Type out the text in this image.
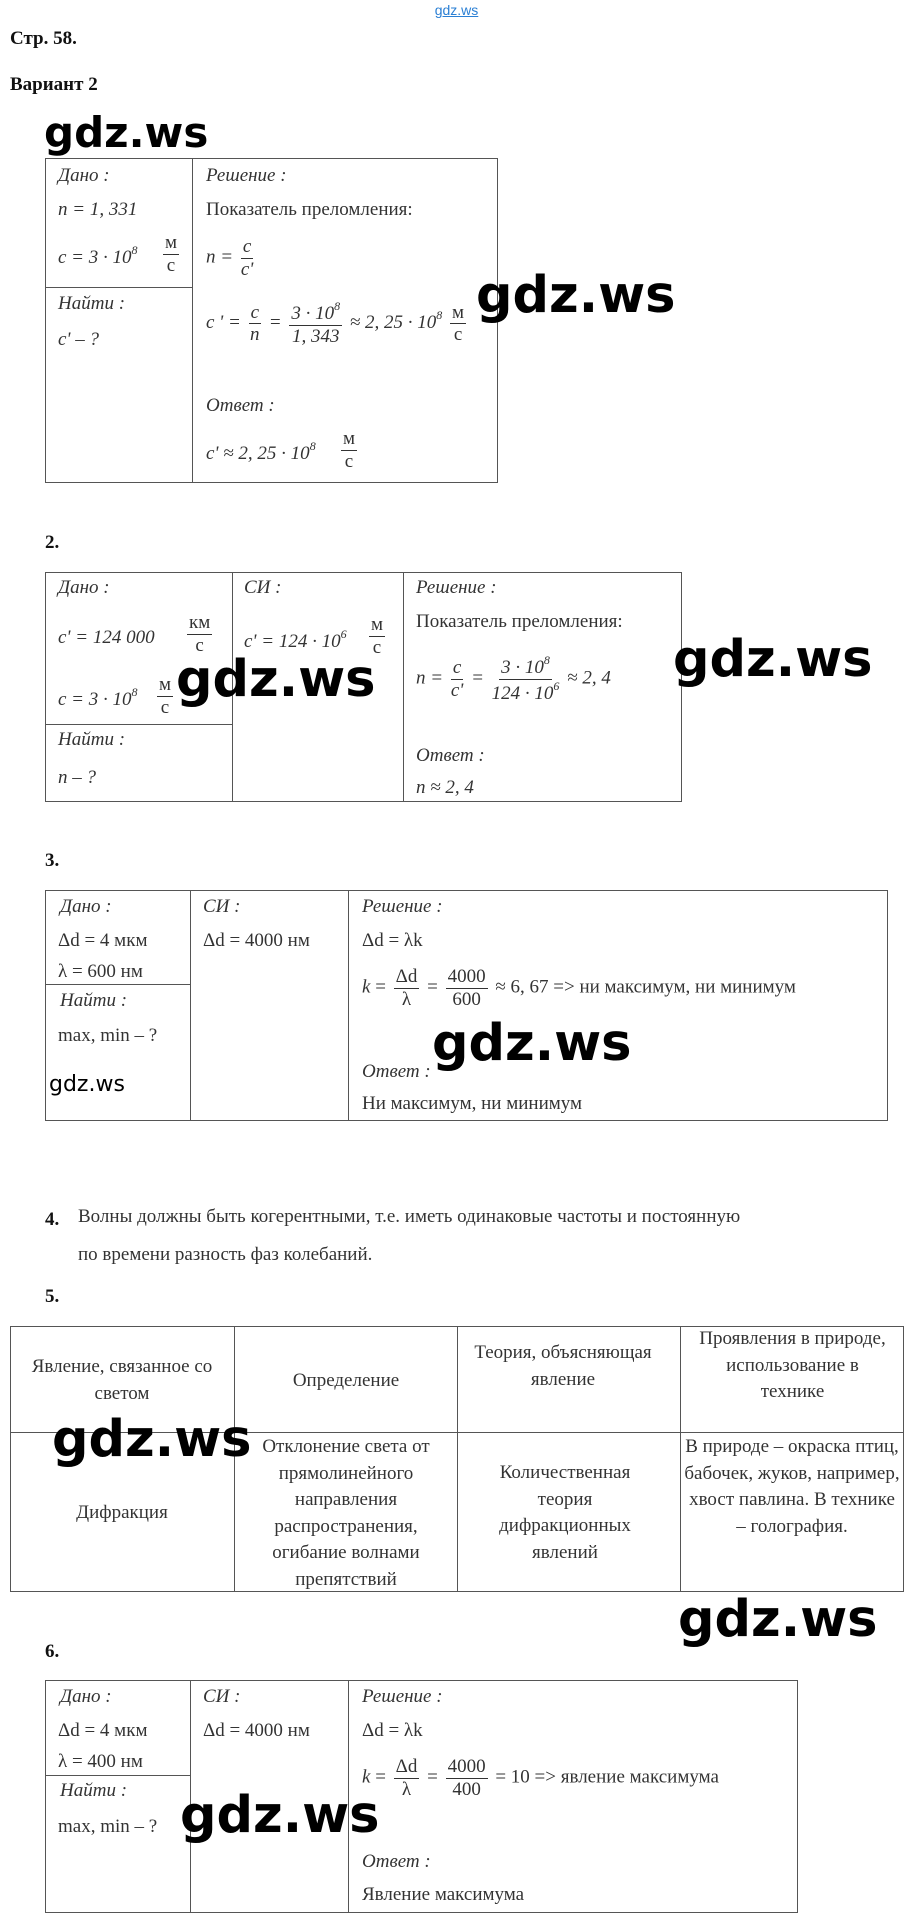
gdz.ws
Стр. 58.
Вариант 2
gdz.ws
Дано :
n = 1, 331
$c = 3 \cdot 10^8 \frac{м}{с}$
Найти :
c' – ?
Решение :
Показатель преломления:
$n = \frac{c}{c'}$
c ' = $\frac{c}{n} = \frac{3 \cdot 10^8}{1, 343} \approx 2$, $25 \cdot 10^8 \frac{м}{с} gdz.ws$
Ответ :
c' ≈ 2, $25 \cdot 10^8 \frac{м}{с}$
2.
Дано :
c' = 124 $000 \frac{км}{с}$
$c = 3 \cdot 10^8 \frac{м}{с}$
Найти :
n – ?
СИ :
$c' = 124 \cdot 10^6 \frac{м}{с}$
Решение :
Показатель преломления:
$n = \frac{c}{c'} = \frac{3 \cdot 10^8}{124 \cdot 10^6} \approx 2$, 4
Ответ :
n ≈ 2, 4
gdz.ws	gdz.ws
3.
Дано :
Δd = 4 мкм
λ = 600 нм
Найти :
max, min – ?
gdz.ws
СИ :
Δd = 4000 нм
Решение :
Δd = λk
$k = \frac{\Delta d}{\lambda} = \frac{4000}{600} \approx 6$, 67 => ни максимум, ни минимум
gdz.ws
Ответ :
Ни максимум, ни минимум
4. Волны должны быть когерентными, т.е. иметь одинаковые частоты и постоянную
по времени разность фаз колебаний.
5.
Явление, связанное со светом
Определение
Теория, объясняющая явление
Проявления в природе, использование в технике
Дифракция
Отклонение света от прямолинейного направления распространения, огибание волнами препятствий
Количественная теория дифракционных явлений
В природе – окраска птиц, бабочек, жуков, например, хвост павлина. В технике – голография.
gdz.ws
gdz.ws
6.
Дано :
Δd = 4 мкм
λ = 400 нм
Найти :
max, min – ?
СИ :
Δd = 4000 нм
Решение :
Δd = λk
$k = \frac{\Delta d}{\lambda} = \frac{4000}{400} = 10$ => явление максимума
Ответ :
Явление максимума
gdz.ws
